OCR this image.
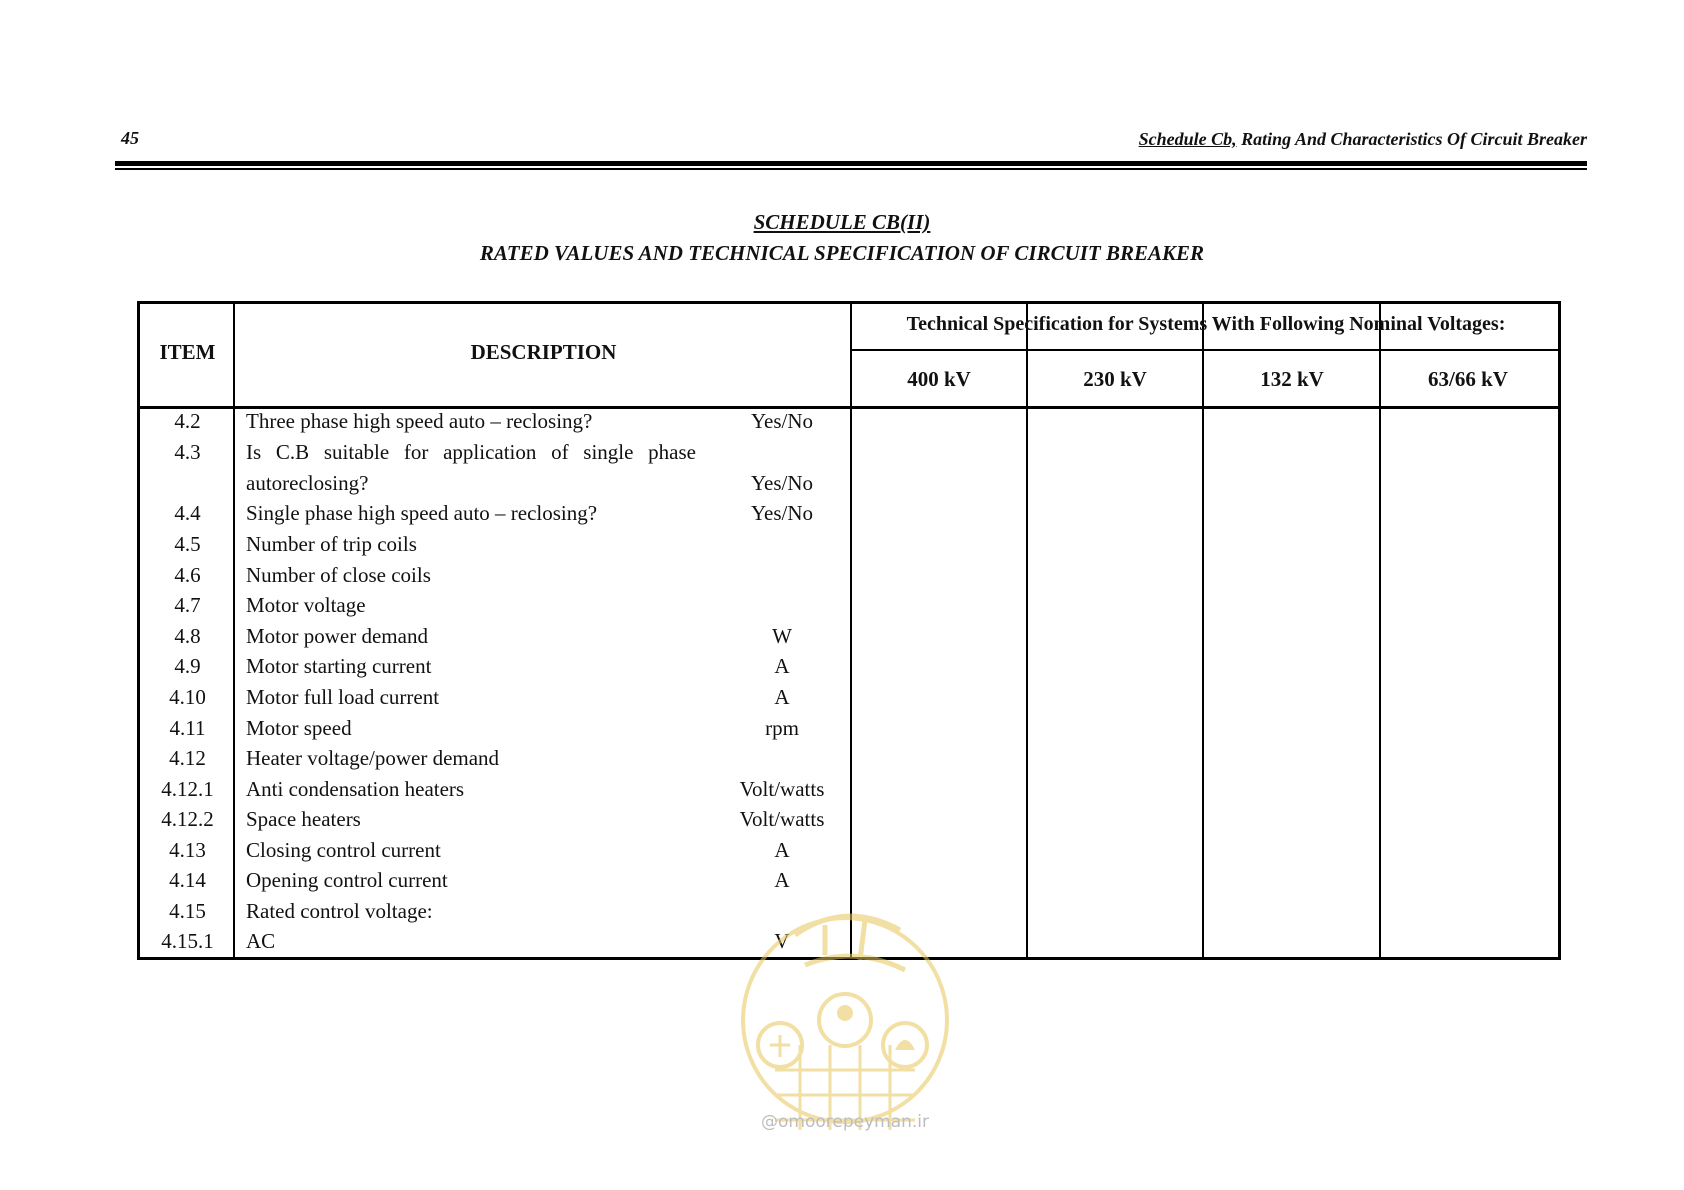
45	Schedule Cb, Rating And Characteristics Of Circuit Breaker
SCHEDULE CB(II)
RATED VALUES AND TECHNICAL SPECIFICATION OF CIRCUIT BREAKER
ITEM	DESCRIPTION
Technical Specification for Systems With Following Nominal Voltages:
400 kV	230 kV	132 kV	63/66 kV
4.2	Three phase high speed auto – reclosing?	Yes/No
4.3	Is C.B suitable for application of single phase
autoreclosing?	Yes/No
4.4	Single phase high speed auto – reclosing?	Yes/No
4.5	Number of trip coils
4.6	Number of close coils
4.7	Motor voltage
4.8	Motor power demand	W
4.9	Motor starting current	A
4.10	Motor full load current	A
4.11	Motor speed	rpm
4.12	Heater voltage/power demand
4.12.1	Anti condensation heaters	Volt/watts
4.12.2	Space heaters	Volt/watts
4.13	Closing control current	A
4.14	Opening control current	A
4.15	Rated control voltage:
4.15.1	AC	V
@omoorepeyman.ir
